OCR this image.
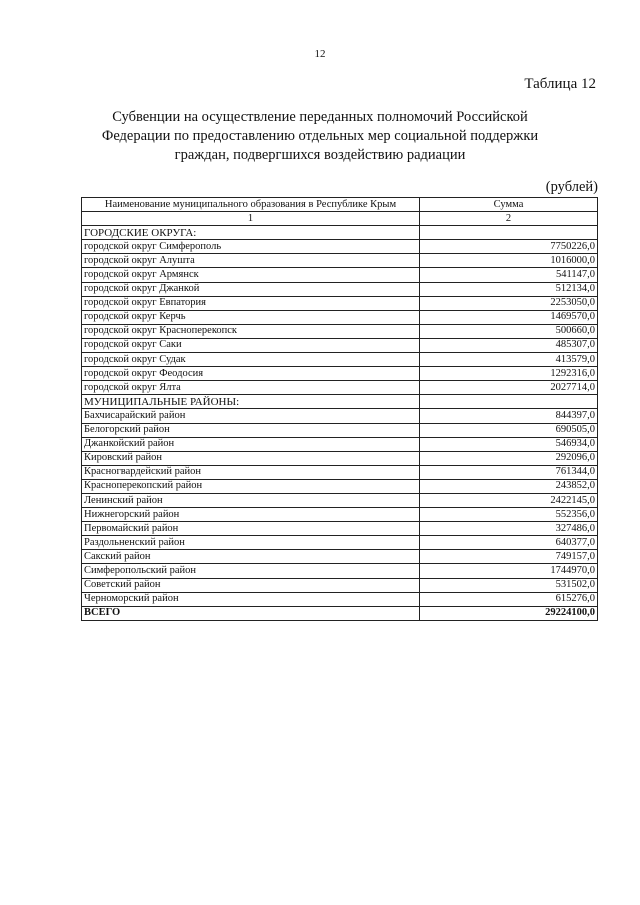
12
Таблица 12
Субвенции на осуществление переданных полномочий Российской
Федерации по предоставлению отдельных мер социальной поддержки
граждан, подвергшихся воздействию радиации
(рублей)
Наименование муниципального образования в Республике Крым	Сумма
1	2
ГОРОДСКИЕ ОКРУГА:	
городской округ Симферополь	7750226,0
городской округ Алушта	1016000,0
городской округ Армянск	541147,0
городской округ Джанкой	512134,0
городской округ Евпатория	2253050,0
городской округ Керчь	1469570,0
городской округ Красноперекопск	500660,0
городской округ Саки	485307,0
городской округ Судак	413579,0
городской округ Феодосия	1292316,0
городской округ Ялта	2027714,0
МУНИЦИПАЛЬНЫЕ РАЙОНЫ:	
Бахчисарайский район	844397,0
Белогорский район	690505,0
Джанкойский район	546934,0
Кировский район	292096,0
Красногвардейский район	761344,0
Красноперекопский район	243852,0
Ленинский район	2422145,0
Нижнегорский район	552356,0
Первомайский район	327486,0
Раздольненский район	640377,0
Сакский район	749157,0
Симферопольский район	1744970,0
Советский район	531502,0
Черноморский район	615276,0
ВСЕГО	29224100,0
